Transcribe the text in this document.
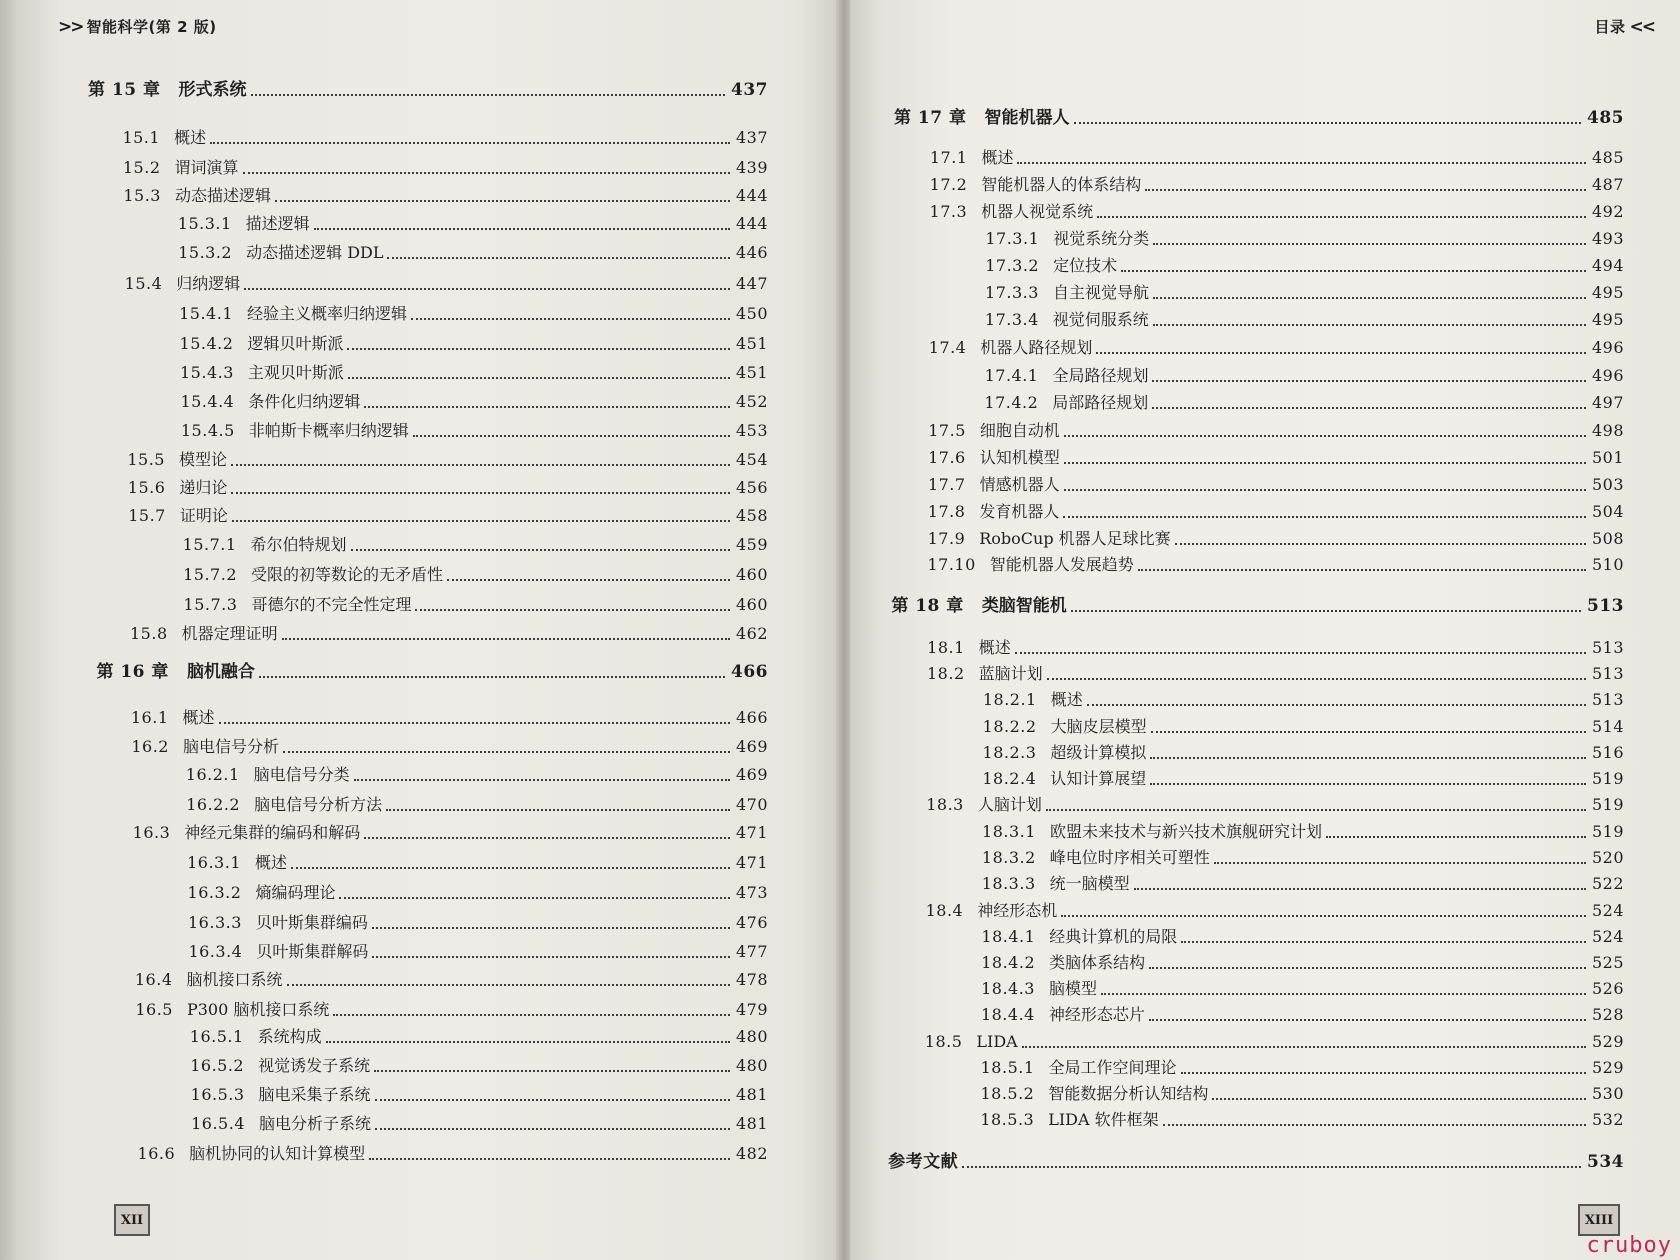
>> 智能科学(第 2 版)
第 15 章 形式系统	437
15.1 概述	437
15.2 谓词演算	439
15.3 动态描述逻辑	444
15.3.1 描述逻辑	444
15.3.2 动态描述逻辑 DDL	446
15.4 归纳逻辑	447
15.4.1 经验主义概率归纳逻辑	450
15.4.2 逻辑贝叶斯派	451
15.4.3 主观贝叶斯派	451
15.4.4 条件化归纳逻辑	452
15.4.5 非帕斯卡概率归纳逻辑	453
15.5 模型论	454
15.6 递归论	456
15.7 证明论	458
15.7.1 希尔伯特规划	459
15.7.2 受限的初等数论的无矛盾性	460
15.7.3 哥德尔的不完全性定理	460
15.8 机器定理证明	462
第 16 章 脑机融合	466
16.1 概述	466
16.2 脑电信号分析	469
16.2.1 脑电信号分类	469
16.2.2 脑电信号分析方法	470
16.3 神经元集群的编码和解码	471
16.3.1 概述	471
16.3.2 熵编码理论	473
16.3.3 贝叶斯集群编码	476
16.3.4 贝叶斯集群解码	477
16.4 脑机接口系统	478
16.5 P300 脑机接口系统	479
16.5.1 系统构成	480
16.5.2 视觉诱发子系统	480
16.5.3 脑电采集子系统	481
16.5.4 脑电分析子系统	481
16.6 脑机协同的认知计算模型	482
XII
目录 <<
第 17 章 智能机器人	485
17.1 概述	485
17.2 智能机器人的体系结构	487
17.3 机器人视觉系统	492
17.3.1 视觉系统分类	493
17.3.2 定位技术	494
17.3.3 自主视觉导航	495
17.3.4 视觉伺服系统	495
17.4 机器人路径规划	496
17.4.1 全局路径规划	496
17.4.2 局部路径规划	497
17.5 细胞自动机	498
17.6 认知机模型	501
17.7 情感机器人	503
17.8 发育机器人	504
17.9 RoboCup 机器人足球比赛	508
17.10 智能机器人发展趋势	510
第 18 章 类脑智能机	513
18.1 概述	513
18.2 蓝脑计划	513
18.2.1 概述	513
18.2.2 大脑皮层模型	514
18.2.3 超级计算模拟	516
18.2.4 认知计算展望	519
18.3 人脑计划	519
18.3.1 欧盟未来技术与新兴技术旗舰研究计划	519
18.3.2 峰电位时序相关可塑性	520
18.3.3 统一脑模型	522
18.4 神经形态机	524
18.4.1 经典计算机的局限	524
18.4.2 类脑体系结构	525
18.4.3 脑模型	526
18.4.4 神经形态芯片	528
18.5 LIDA	529
18.5.1 全局工作空间理论	529
18.5.2 智能数据分析认知结构	530
18.5.3 LIDA 软件框架	532
参考文献	534
XIII
cruboy
